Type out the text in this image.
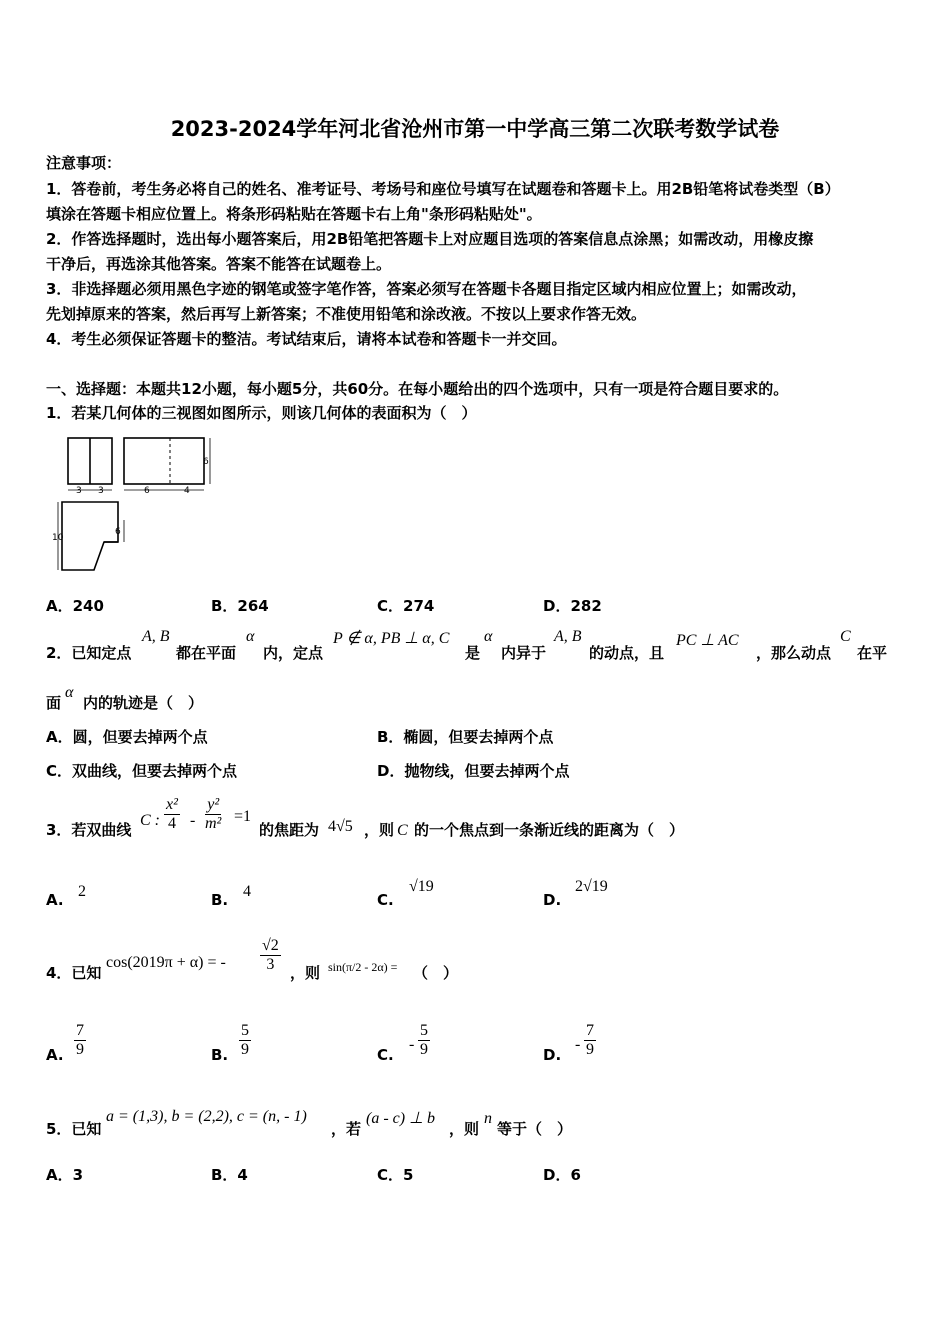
2023-2024学年河北省沧州市第一中学高三第二次联考数学试卷
注意事项：
1．答卷前，考生务必将自己的姓名、准考证号、考场号和座位号填写在试题卷和答题卡上。用2B铅笔将试卷类型（B）
填涂在答题卡相应位置上。将条形码粘贴在答题卡右上角"条形码粘贴处"。
2．作答选择题时，选出每小题答案后，用2B铅笔把答题卡上对应题目选项的答案信息点涂黑；如需改动，用橡皮擦
干净后，再选涂其他答案。答案不能答在试题卷上。
3．非选择题必须用黑色字迹的钢笔或签字笔作答，答案必须写在答题卡各题目指定区域内相应位置上；如需改动，
先划掉原来的答案，然后再写上新答案；不准使用铅笔和涂改液。不按以上要求作答无效。
4．考生必须保证答题卡的整洁。考试结束后，请将本试卷和答题卡一并交回。
一、选择题：本题共12小题，每小题5分，共60分。在每小题给出的四个选项中，只有一项是符合题目要求的。
1．若某几何体的三视图如图所示，则该几何体的表面积为（　）
3 3	6	4
6
6
10
A．240	B．264	C．274	D．282
2．已知定点
A, B
都在平面
α
内，定点
P ∉ α, PB ⊥ α, C
是
α
内异于
A, B
的动点，且
PC ⊥ AC
，那么动点
C
在平
面
α
内的轨迹是（　）
A．圆，但要去掉两个点	B．椭圆，但要去掉两个点
C．双曲线，但要去掉两个点	D．抛物线，但要去掉两个点
3．若双曲线
C : $\frac{\text{x²}}{4} - \frac{\text{y²}}{\text{m²}} =1$
的焦距为 4√5 ，则 C 的一个焦点到一条渐近线的距离为（　）
A. 2	B. 4	C.
√19
D.
2√19
4．已知
cos(2019π + α) = - $\frac{√2}{3}$ ，则 sin(π/2 - 2α) = （　）
A. $\frac{7}{9}$	B. $\frac{5}{9}$	C.
- $\frac{5}{9}$	D.
- $\frac{7}{9}$
5．已知
a = (1,3), b = (2,2), c = (n, - 1)
，若
(a - c) ⊥ b
，则
n
等于（　）
A．3	B．4	C．5	D．6
